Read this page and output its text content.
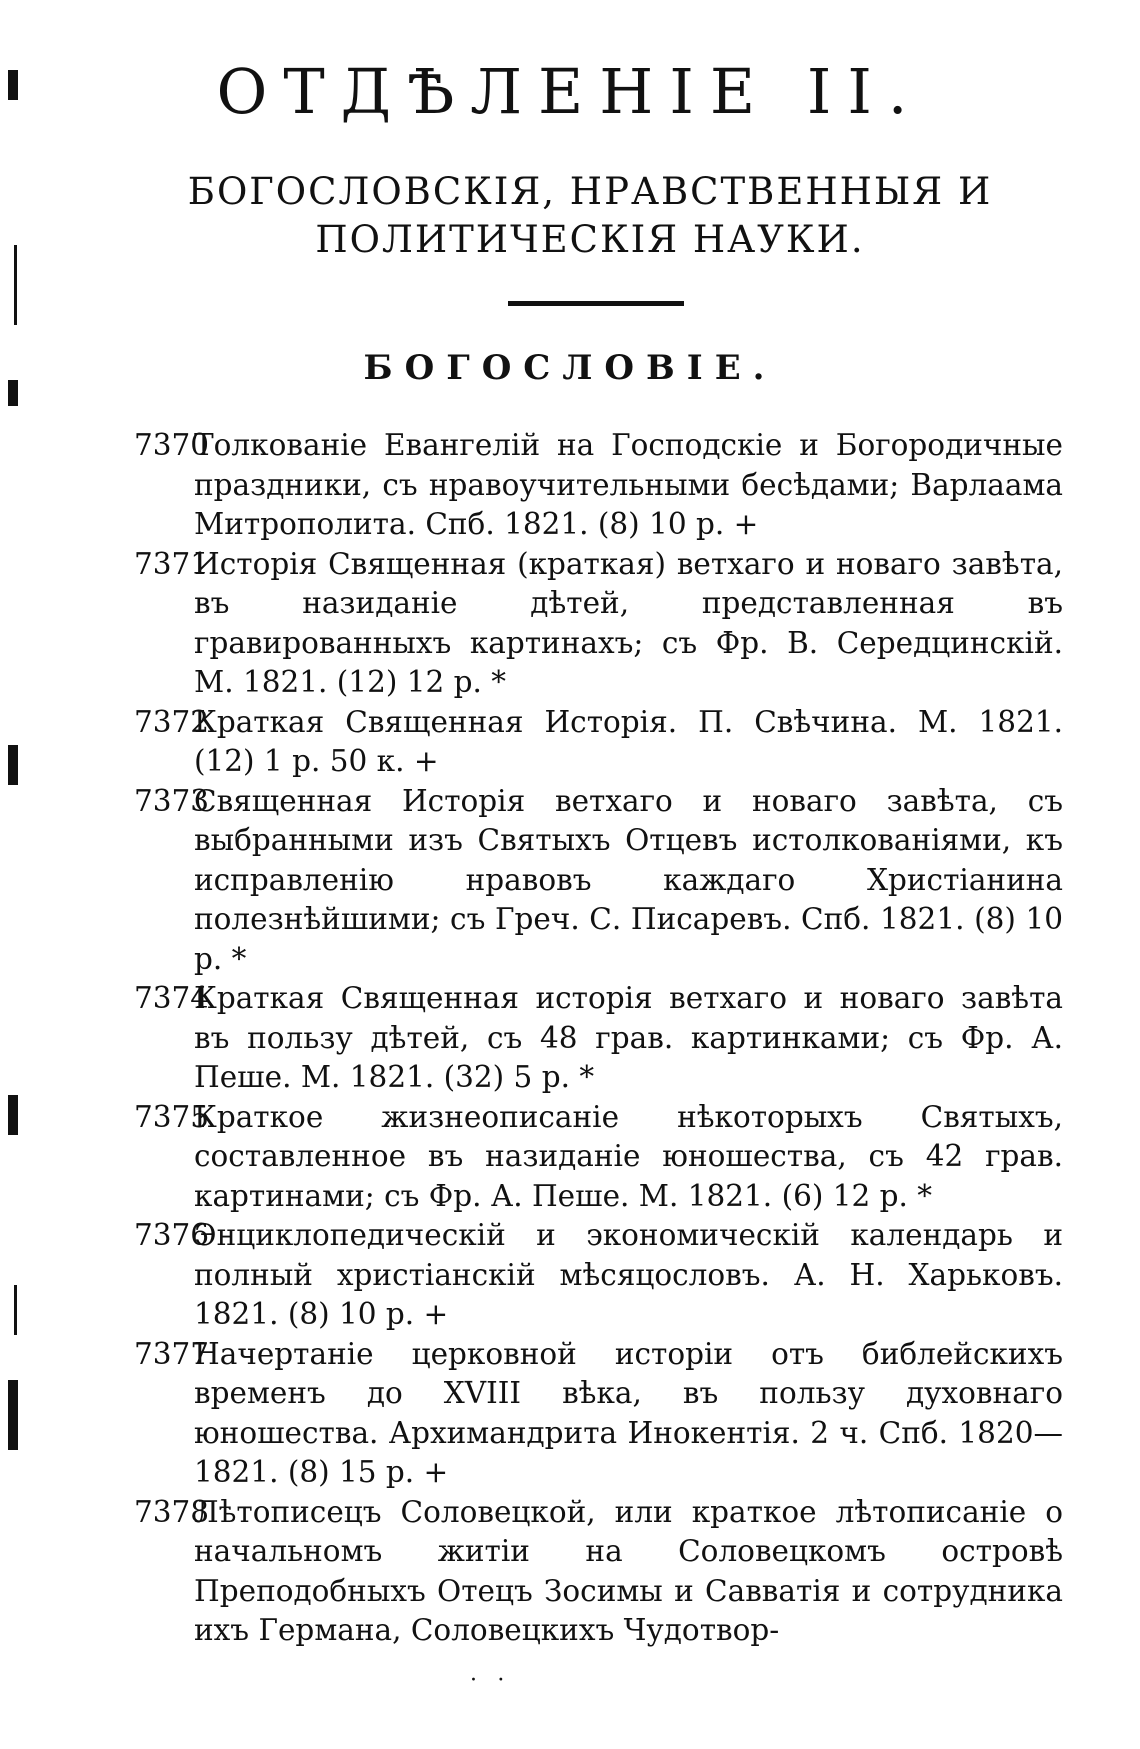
ОТДѢЛЕНІЕ II.
БОГОСЛОВСКІЯ, НРАВСТВЕННЫЯ И ПОЛИТИЧЕСКІЯ НАУКИ.
БОГОСЛОВІЕ.

7370
Толкованіе Евангелій на Господскіе и Богородичные праздники, съ нравоучительными бесѣдами; Варлаама Митрополита. Спб. 1821. (8) 10 р. +

7371
Исторія Священная (краткая) ветхаго и новаго завѣта, въ назиданіе дѣтей, представленная въ гравированныхъ картинахъ; съ Фр. В. Середцинскій. М. 1821. (12) 12 р. *

7372
Краткая Священная Исторія. П. Свѣчина. М. 1821. (12) 1 р. 50 к. +

7373
Священная Исторія ветхаго и новаго завѣта, съ выбранными изъ Святыхъ Отцевъ истолкованіями, къ исправленію нравовъ каждаго Христіанина полезнѣйшими; съ Греч. С. Писаревъ. Спб. 1821. (8) 10 р. *

7374
Краткая Священная исторія ветхаго и новаго завѣта въ пользу дѣтей, съ 48 грав. картинками; съ Фр. А. Пеше. М. 1821. (32) 5 р. *

7375
Краткое жизнеописаніе нѣкоторыхъ Святыхъ, составленное въ назиданіе юношества, съ 42 грав. картинами; съ Фр. А. Пеше. М. 1821. (6) 12 р. *

7376
Энциклопедическій и экономическій календарь и полный христіанскій мѣсяцословъ. А. Н. Харьковъ. 1821. (8) 10 р. +

7377
Начертаніе церковной исторіи отъ библейскихъ временъ до XVIII вѣка, въ пользу духовнаго юношества. Архимандрита Инокентія. 2 ч. Спб. 1820—1821. (8) 15 р. +

7378
Лѣтописецъ Соловецкой, или краткое лѣтописаніе о начальномъ житіи на Соловецкомъ островѣ Преподобныхъ Отецъ Зосимы и Савватія и сотрудника ихъ Германа, Соловецкихъ Чудотвор-

· ·
